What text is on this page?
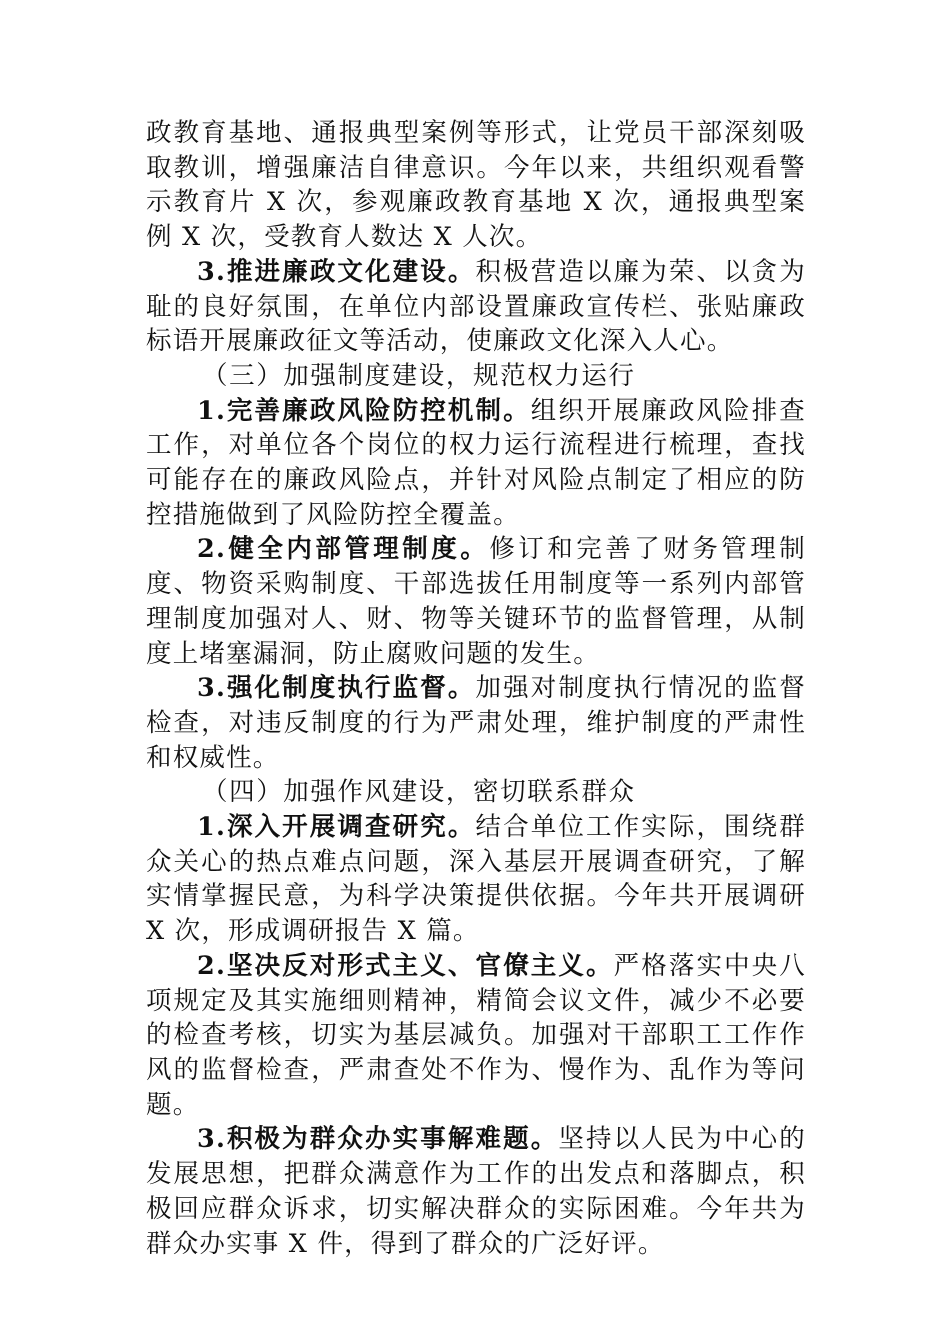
政教育基地、通报典型案例等形式，让党员干部深刻吸取教训，增强廉洁自律意识。今年以来，共组织观看警示教育片 X 次，参观廉政教育基地 X 次，通报典型案例 X 次，受教育人数达 X 人次。

3.推进廉政文化建设。积极营造以廉为荣、以贪为耻的良好氛围，在单位内部设置廉政宣传栏、张贴廉政标语开展廉政征文等活动，使廉政文化深入人心。

（三）加强制度建设，规范权力运行

1.完善廉政风险防控机制。组织开展廉政风险排查工作，对单位各个岗位的权力运行流程进行梳理，查找可能存在的廉政风险点，并针对风险点制定了相应的防控措施做到了风险防控全覆盖。

2.健全内部管理制度。修订和完善了财务管理制度、物资采购制度、干部选拔任用制度等一系列内部管理制度加强对人、财、物等关键环节的监督管理，从制度上堵塞漏洞，防止腐败问题的发生。

3.强化制度执行监督。加强对制度执行情况的监督检查，对违反制度的行为严肃处理，维护制度的严肃性和权威性。

（四）加强作风建设，密切联系群众

1.深入开展调查研究。结合单位工作实际，围绕群众关心的热点难点问题，深入基层开展调查研究，了解实情掌握民意，为科学决策提供依据。今年共开展调研 X 次，形成调研报告 X 篇。

2.坚决反对形式主义、官僚主义。严格落实中央八项规定及其实施细则精神，精简会议文件，减少不必要的检查考核，切实为基层减负。加强对干部职工工作作风的监督检查，严肃查处不作为、慢作为、乱作为等问题。

3.积极为群众办实事解难题。坚持以人民为中心的发展思想，把群众满意作为工作的出发点和落脚点，积极回应群众诉求，切实解决群众的实际困难。今年共为群众办实事 X 件，得到了群众的广泛好评。
